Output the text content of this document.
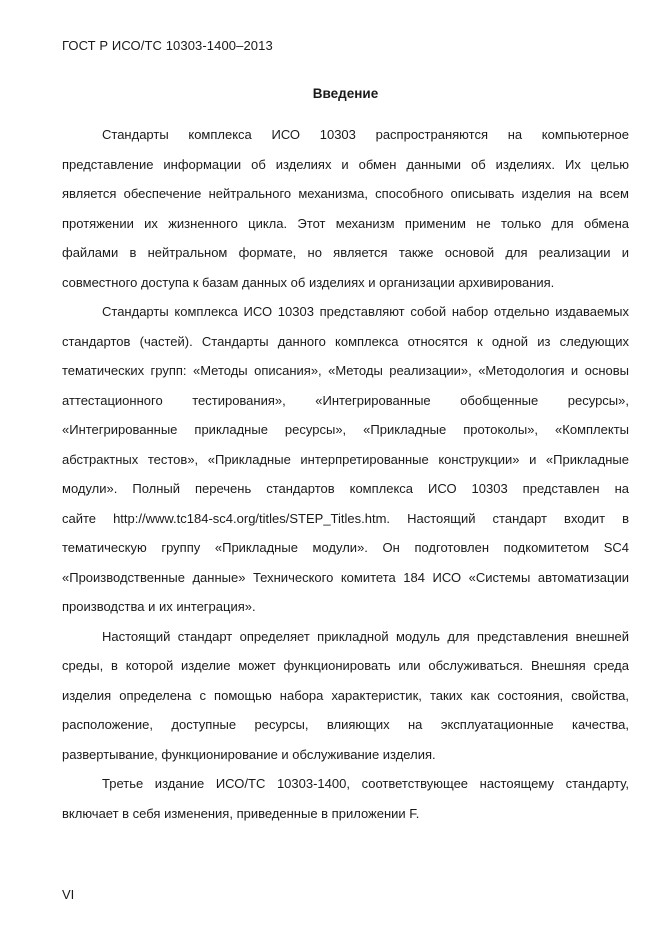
ГОСТ Р ИСО/ТС 10303-1400–2013
Введение
Стандарты комплекса ИСО 10303 распространяются на компьютерное
представление информации об изделиях и обмен данными об изделиях. Их целью
является обеспечение нейтрального механизма, способного описывать изделия на всем
протяжении их жизненного цикла. Этот механизм применим не только для обмена
файлами в нейтральном формате, но является также основой для реализации и
совместного доступа к базам данных об изделиях и организации архивирования.
Стандарты комплекса ИСО 10303 представляют собой набор отдельно издаваемых
стандартов (частей). Стандарты данного комплекса относятся к одной из следующих
тематических групп: «Методы описания», «Методы реализации», «Методология и основы
аттестационного тестирования», «Интегрированные обобщенные ресурсы»,
«Интегрированные прикладные ресурсы», «Прикладные протоколы», «Комплекты
абстрактных тестов», «Прикладные интерпретированные конструкции» и «Прикладные
модули». Полный перечень стандартов комплекса ИСО 10303 представлен на
сайте http://www.tc184-sc4.org/titles/STEP_Titles.htm. Настоящий стандарт входит в
тематическую группу «Прикладные модули». Он подготовлен подкомитетом SC4
«Производственные данные» Технического комитета 184 ИСО «Системы автоматизации
производства и их интеграция».
Настоящий стандарт определяет прикладной модуль для представления внешней
среды, в которой изделие может функционировать или обслуживаться. Внешняя среда
изделия определена с помощью набора характеристик, таких как состояния, свойства,
расположение, доступные ресурсы, влияющих на эксплуатационные качества,
развертывание, функционирование и обслуживание изделия.
Третье издание ИСО/ТС 10303-1400, соответствующее настоящему стандарту,
включает в себя изменения, приведенные в приложении F.
VI
